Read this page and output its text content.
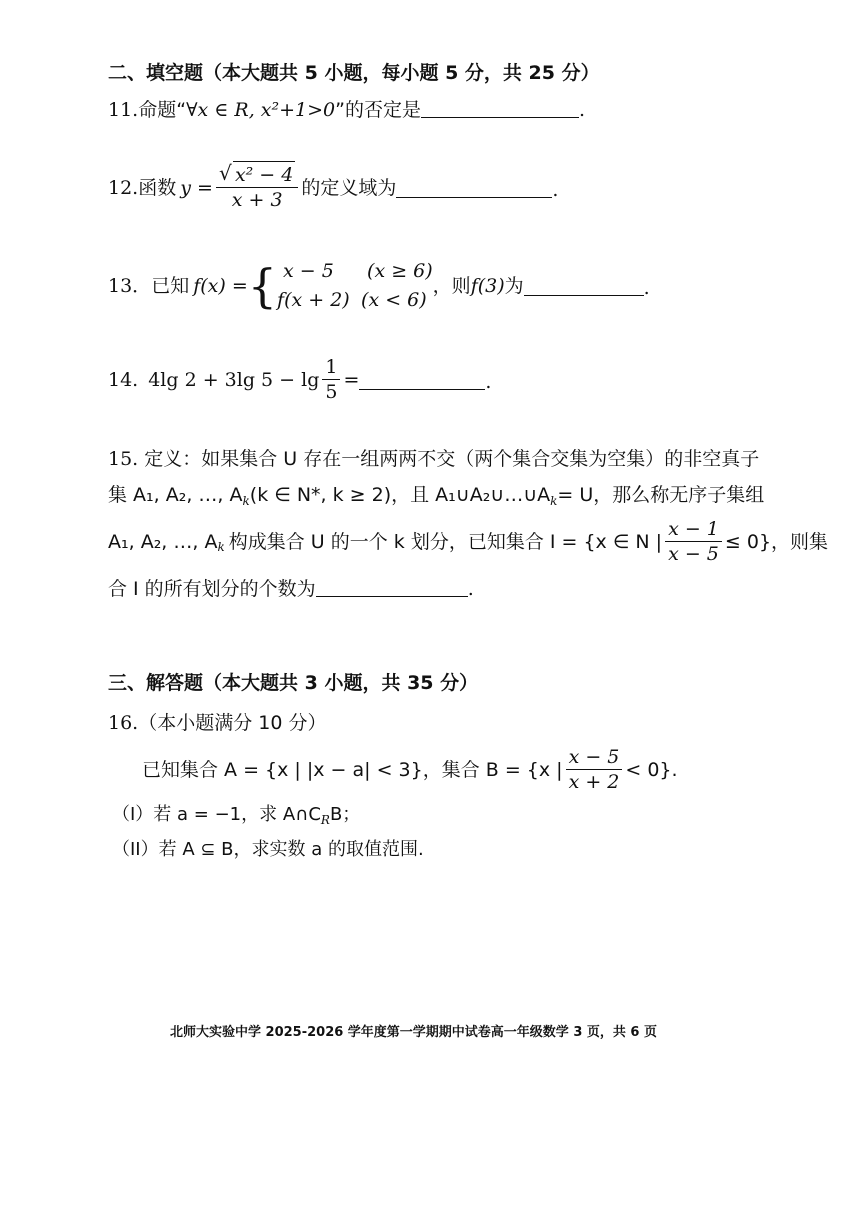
二、填空题（本大题共 5 小题，每小题 5 分，共 25 分）
11.命题“∀x ∈ R, x²+1>0”的否定是	.
12. 函数 $y = \frac{\text{√ x² − 4}}{x + 3}$ 的定义域为	.
13． 已知 f(x) = { x − 5 (x ≥ 6)
f(x + 2) (x < 6)
，则 f(3) 为	.
14. 4lg 2 + 3lg $5 - \lg \frac{1}{5}$ =	.
15. 定义：如果集合 U 存在一组两两不交（两个集合交集为空集）的非空真子
集 A₁, A₂, …, $A_k(k$ ∈ N*, k ≥ 2)，且 $A_1\cup A_2\cup\dots\cup A_k= U$，那么称无序子集组
A₁, A₂, …, $A_k$ 构成集合 U 的一个 k 划分，已知集合 I = {x ∈ N | $\frac{x - 1}{x - 5} \le 0$}，则集
合 I 的所有划分的个数为	.
三、解答题（本大题共 3 小题，共 35 分）
16.（本小题满分 10 分）
已知集合 A = {x | |x − a| < 3}，集合 B = {x | $\frac{x - 5}{x + 2} < 0$}.
（I）若 a = −1，求 $A\cap C_RB$；
（II）若 A ⊆ B，求实数 a 的取值范围.
北师大实验中学 2025-2026 学年度第一学期期中试卷高一年级数学 3 页，共 6 页
